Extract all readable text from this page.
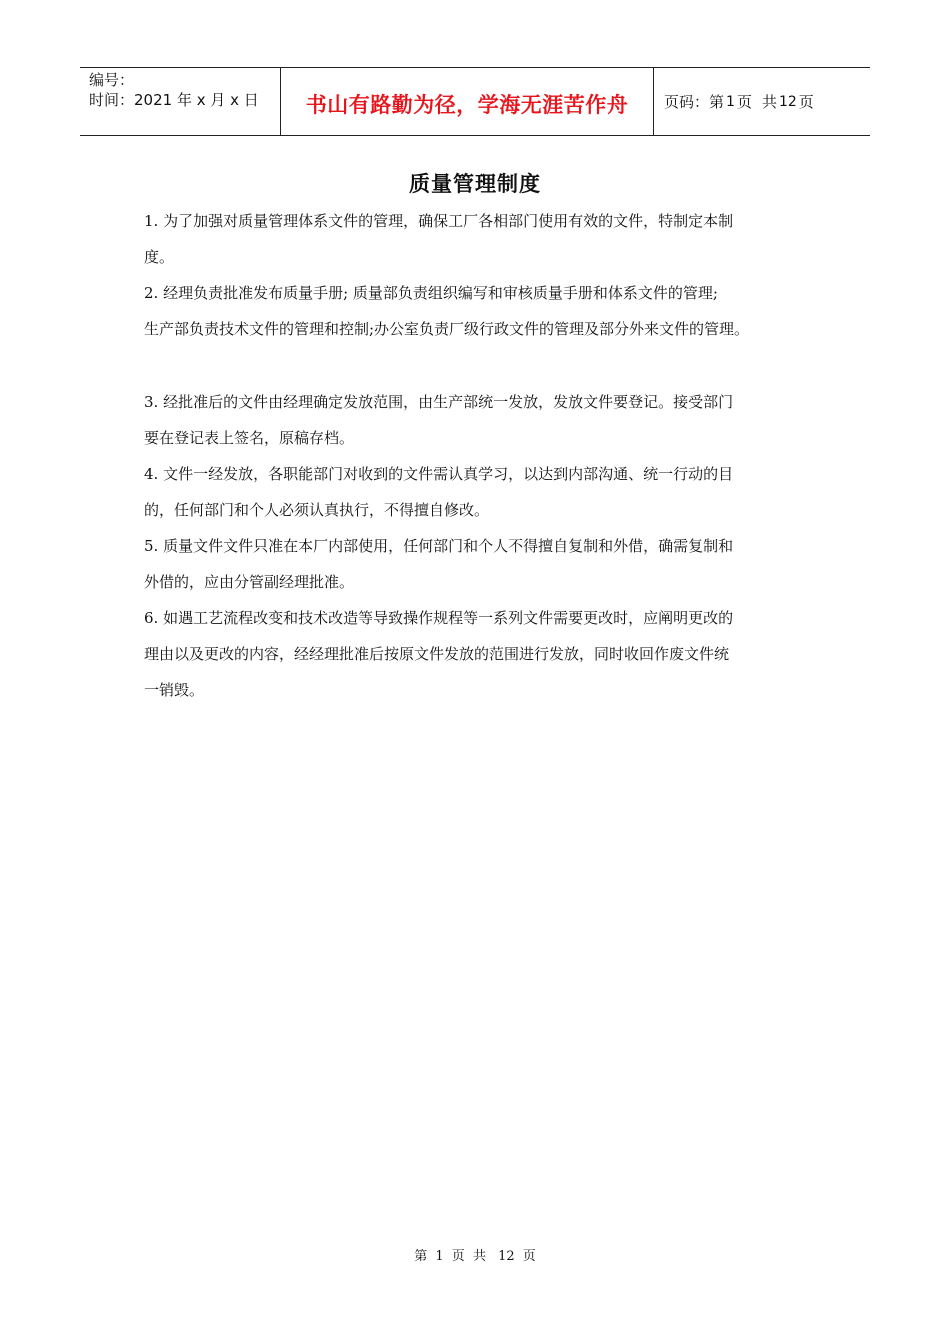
编号：
时间：2021 年 x 月 x 日	书山有路勤为径，学海无涯苦作舟 页码：第 1 页 共 12 页
质量管理制度
1. 为了加强对质量管理体系文件的管理，确保工厂各相部门使用有效的文件，特制定本制
度。
2. 经理负责批准发布质量手册; 质量部负责组织编写和审核质量手册和体系文件的管理;
生产部负责技术文件的管理和控制;办公室负责厂级行政文件的管理及部分外来文件的管理。
3. 经批准后的文件由经理确定发放范围，由生产部统一发放，发放文件要登记。接受部门
要在登记表上签名，原稿存档。
4. 文件一经发放，各职能部门对收到的文件需认真学习，以达到内部沟通、统一行动的目
的，任何部门和个人必须认真执行，不得擅自修改。
5. 质量文件文件只准在本厂内部使用，任何部门和个人不得擅自复制和外借，确需复制和
外借的，应由分管副经理批准。
6. 如遇工艺流程改变和技术改造等导致操作规程等一系列文件需要更改时，应阐明更改的
理由以及更改的内容，经经理批准后按原文件发放的范围进行发放，同时收回作废文件统
一销毁。
第 1 页 共 12 页
